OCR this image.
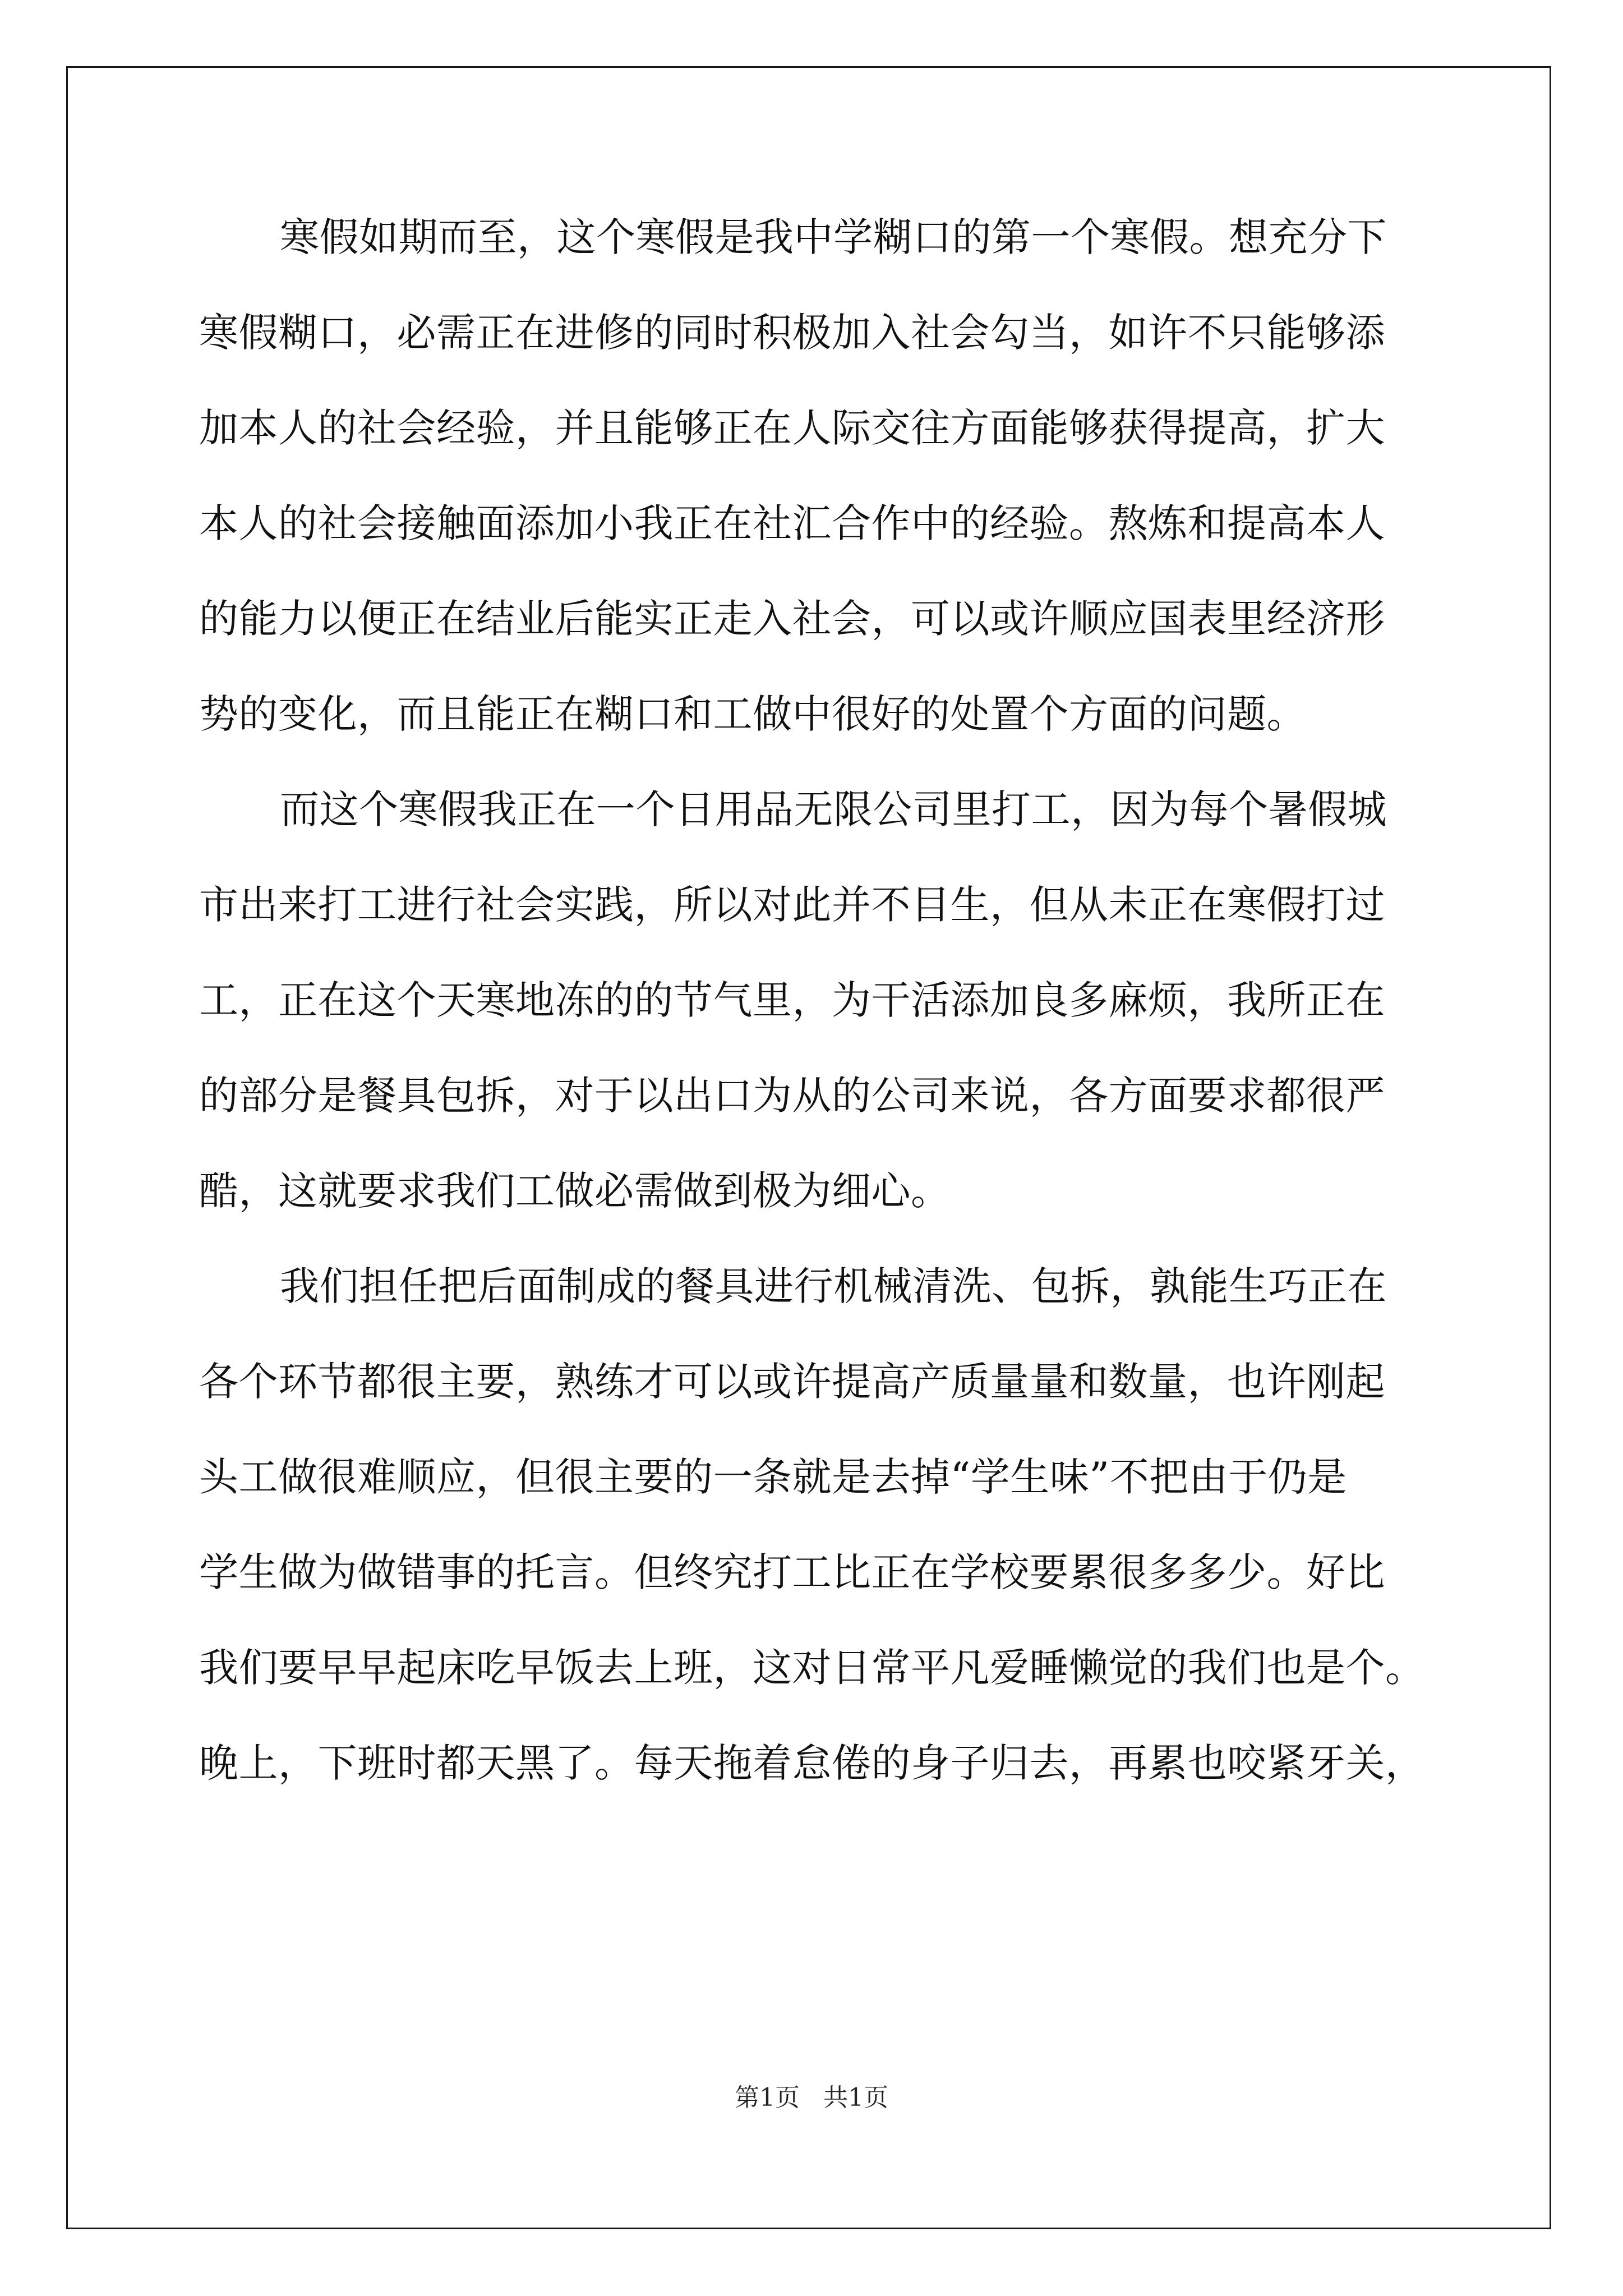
寒假如期而至，这个寒假是我中学糊口的第一个寒假。想充分下
寒假糊口，必需正在进修的同时积极加入社会勾当，如许不只能够添
加本人的社会经验，并且能够正在人际交往方面能够获得提高，扩大
本人的社会接触面添加小我正在社汇合作中的经验。熬炼和提高本人
的能力以便正在结业后能实正走入社会，可以或许顺应国表里经济形
势的变化，而且能正在糊口和工做中很好的处置个方面的问题。
而这个寒假我正在一个日用品无限公司里打工，因为每个暑假城
市出来打工进行社会实践，所以对此并不目生，但从未正在寒假打过
工，正在这个天寒地冻的的节气里，为干活添加良多麻烦，我所正在
的部分是餐具包拆，对于以出口为从的公司来说，各方面要求都很严
酷，这就要求我们工做必需做到极为细心。
我们担任把后面制成的餐具进行机械清洗、包拆，孰能生巧正在
各个环节都很主要，熟练才可以或许提高产质量量和数量，也许刚起
头工做很难顺应，但很主要的一条就是去掉“学生味”不把由于仍是
学生做为做错事的托言。但终究打工比正在学校要累很多多少。好比
我们要早早起床吃早饭去上班，这对日常平凡爱睡懒觉的我们也是个。
晚上，下班时都天黑了。每天拖着怠倦的身子归去，再累也咬紧牙关，
第1页 共1页
